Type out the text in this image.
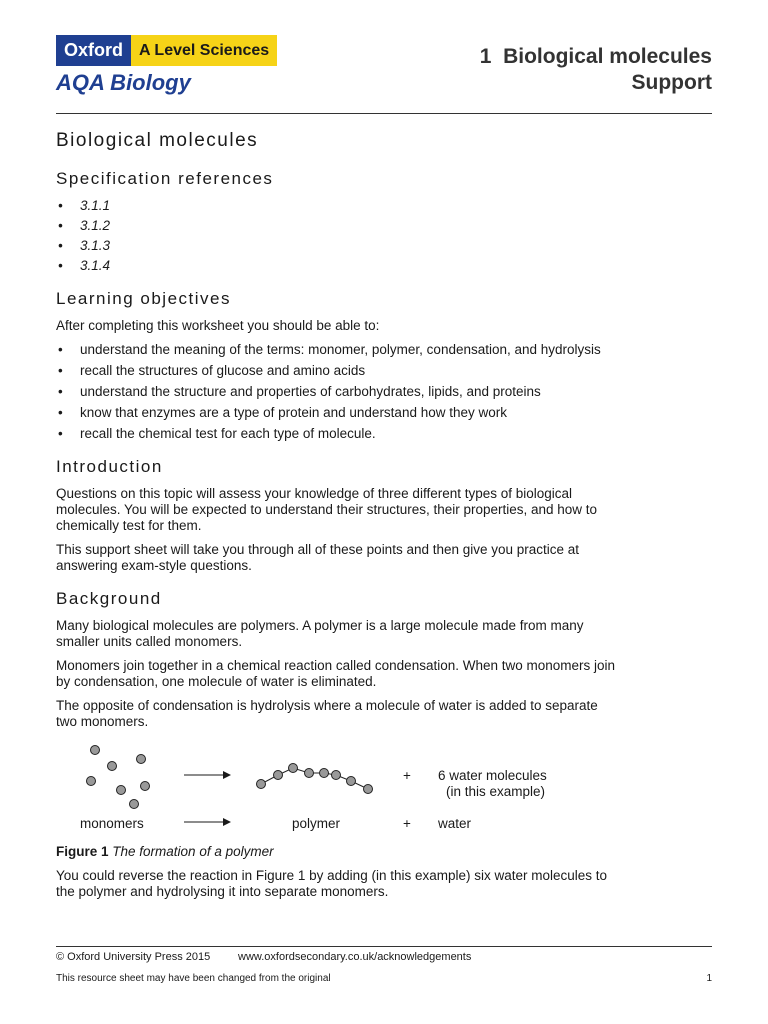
Oxford	A Level Sciences
AQA Biology
1  Biological molecules
Support
Biological molecules
Specification references
• 3.1.1
• 3.1.2
• 3.1.3
• 3.1.4
Learning objectives

After completing this worksheet you should be able to:

• understand the meaning of the terms: monomer, polymer, condensation, and hydrolysis
• recall the structures of glucose and amino acids
• understand the structure and properties of carbohydrates, lipids, and proteins
• know that enzymes are a type of protein and understand how they work
• recall the chemical test for each type of molecule.
Introduction

Questions on this topic will assess your knowledge of three different types of biological molecules. You will be expected to understand their structures, their properties, and how to chemically test for them.

This support sheet will take you through all of these points and then give you practice at answering exam-style questions.

Background

Many biological molecules are polymers. A polymer is a large molecule made from many smaller units called monomers.

Monomers join together in a chemical reaction called condensation. When two monomers join by condensation, one molecule of water is eliminated.

The opposite of condensation is hydrolysis where a molecule of water is added to separate two monomers.

+ 6 water molecules
(in this example)
monomers	polymer	+ water

Figure 1 The formation of a polymer

You could reverse the reaction in Figure 1 by adding (in this example) six water molecules to the polymer and hydrolysing it into separate monomers.

© Oxford University Press 2015	www.oxfordsecondary.co.uk/acknowledgements
This resource sheet may have been changed from the original	1
